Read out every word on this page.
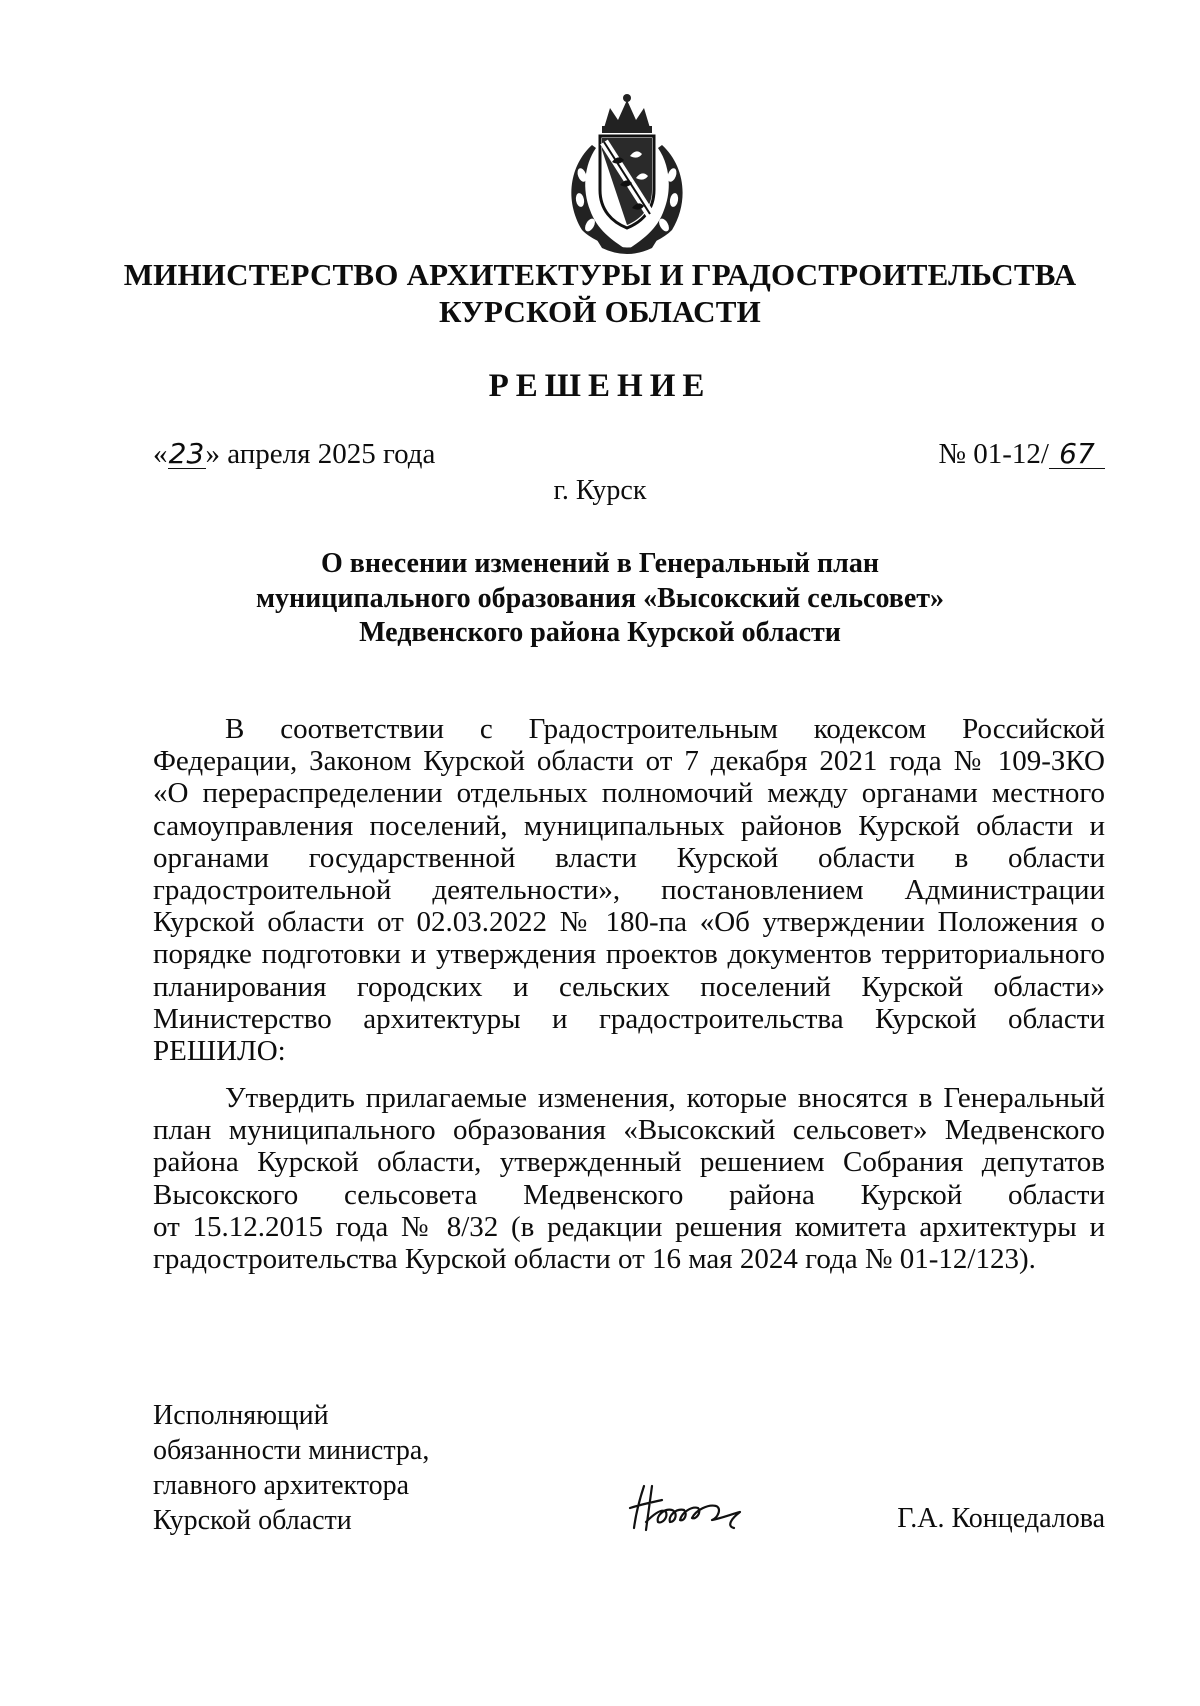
МИНИСТЕРСТВО АРХИТЕКТУРЫ И ГРАДОСТРОИТЕЛЬСТВА
КУРСКОЙ ОБЛАСТИ
РЕШЕНИЕ
«23» апреля 2025 года	№ 01-12/ 67
г. Курск
О внесении изменений в Генеральный план
муниципального образования «Высокский сельсовет»
Медвенского района Курской области
В соответствии с Градостроительным кодексом Российской
Федерации, Законом Курской области от 7 декабря 2021 года № 109-ЗКО
«О перераспределении отдельных полномочий между органами местного
самоуправления поселений, муниципальных районов Курской области и
органами государственной власти Курской области в области
градостроительной деятельности», постановлением Администрации
Курской области от 02.03.2022 № 180-па «Об утверждении Положения о
порядке подготовки и утверждения проектов документов территориального
планирования городских и сельских поселений Курской области»
Министерство архитектуры и градостроительства Курской области
РЕШИЛО:
Утвердить прилагаемые изменения, которые вносятся в Генеральный
план муниципального образования «Высокский сельсовет» Медвенского
района Курской области, утвержденный решением Собрания депутатов
Высокского сельсовета Медвенского района Курской области
от 15.12.2015 года № 8/32 (в редакции решения комитета архитектуры и
градостроительства Курской области от 16 мая 2024 года № 01-12/123).
Исполняющий
обязанности министра,
главного архитектора
Курской области	Г.А. Концедалова
